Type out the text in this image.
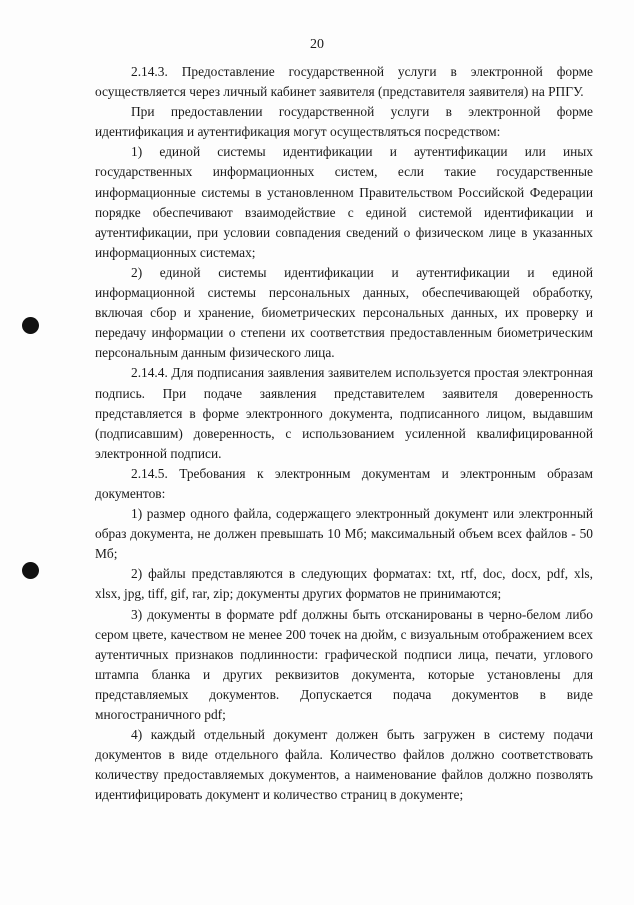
20

2.14.3. Предоставление государственной услуги в электронной форме осуществляется через личный кабинет заявителя (представителя заявителя) на РПГУ.

При предоставлении государственной услуги в электронной форме идентификация и аутентификация могут осуществляться посредством:

1) единой системы идентификации и аутентификации или иных государственных информационных систем, если такие государственные информационные системы в установленном Правительством Российской Федерации порядке обеспечивают взаимодействие с единой системой идентификации и аутентификации, при условии совпадения сведений о физическом лице в указанных информационных системах;

2) единой системы идентификации и аутентификации и единой информационной системы персональных данных, обеспечивающей обработку, включая сбор и хранение, биометрических персональных данных, их проверку и передачу информации о степени их соответствия предоставленным биометрическим персональным данным физического лица.

2.14.4. Для подписания заявления заявителем используется простая электронная подпись. При подаче заявления представителем заявителя доверенность представляется в форме электронного документа, подписанного лицом, выдавшим (подписавшим) доверенность, с использованием усиленной квалифицированной электронной подписи.

2.14.5. Требования к электронным документам и электронным образам документов:

1) размер одного файла, содержащего электронный документ или электронный образ документа, не должен превышать 10 Мб; максимальный объем всех файлов - 50 Мб;

2) файлы представляются в следующих форматах: txt, rtf, doc, docx, pdf, xls, xlsx, jpg, tiff, gif, rar, zip; документы других форматов не принимаются;

3) документы в формате pdf должны быть отсканированы в черно-белом либо сером цвете, качеством не менее 200 точек на дюйм, с визуальным отображением всех аутентичных признаков подлинности: графической подписи лица, печати, углового штампа бланка и других реквизитов документа, которые установлены для представляемых документов. Допускается подача документов в виде многостраничного pdf;

4) каждый отдельный документ должен быть загружен в систему подачи документов в виде отдельного файла. Количество файлов должно соответствовать количеству предоставляемых документов, а наименование файлов должно позволять идентифицировать документ и количество страниц в документе;
